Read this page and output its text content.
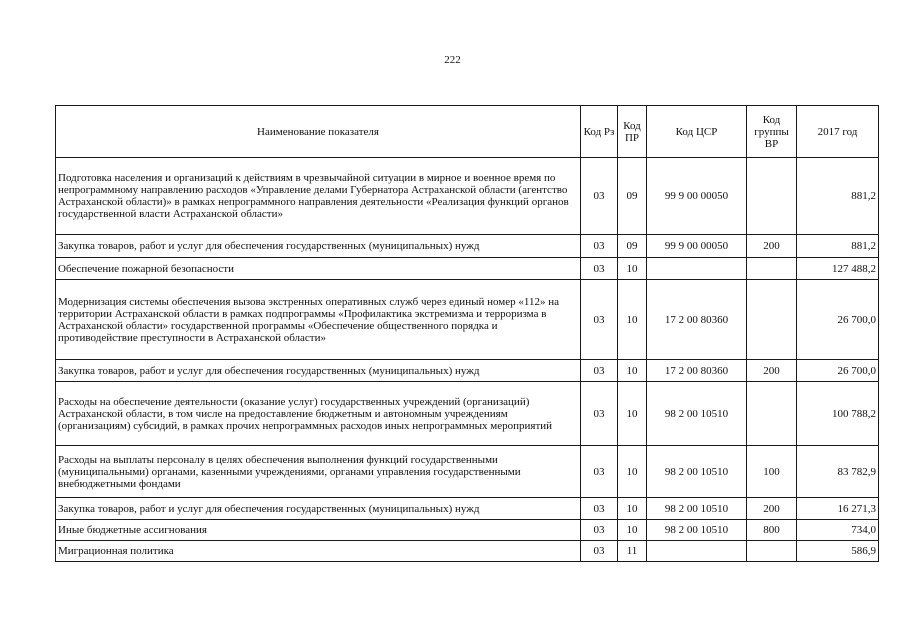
222
Наименование показателя	Код Рз	Код ПР	Код ЦСР	Код группы ВР	2017 год
Подготовка населения и организаций к действиям в чрезвычайной ситуации в мирное и военное время по непрограммному направлению расходов «Управление делами Губернатора Астраханской области (агентство Астраханской области)» в рамках непрограммного направления деятельности «Реализация функций органов государственной власти Астраханской области»	03	09	99 9 00 00050		881,2
Закупка товаров, работ и услуг для обеспечения государственных (муниципальных) нужд	03	09	99 9 00 00050	200	881,2
Обеспечение пожарной безопасности	03	10			127 488,2
Модернизация системы обеспечения вызова экстренных оперативных служб через единый номер «112» на территории Астраханской области в рамках подпрограммы «Профилактика экстремизма и терроризма в Астраханской области» государственной программы «Обеспечение общественного порядка и противодействие преступности в Астраханской области»	03	10	17 2 00 80360		26 700,0
Закупка товаров, работ и услуг для обеспечения государственных (муниципальных) нужд	03	10	17 2 00 80360	200	26 700,0
Расходы на обеспечение деятельности (оказание услуг) государственных учреждений (организаций) Астраханской области, в том числе на предоставление бюджетным и автономным учреждениям (организациям) субсидий, в рамках прочих непрограммных расходов иных непрограммных мероприятий	03	10	98 2 00 10510		100 788,2
Расходы на выплаты персоналу в целях обеспечения выполнения функций государственными (муниципальными) органами, казенными учреждениями, органами управления государственными внебюджетными фондами	03	10	98 2 00 10510	100	83 782,9
Закупка товаров, работ и услуг для обеспечения государственных (муниципальных) нужд	03	10	98 2 00 10510	200	16 271,3
Иные бюджетные ассигнования	03	10	98 2 00 10510	800	734,0
Миграционная политика	03	11			586,9
